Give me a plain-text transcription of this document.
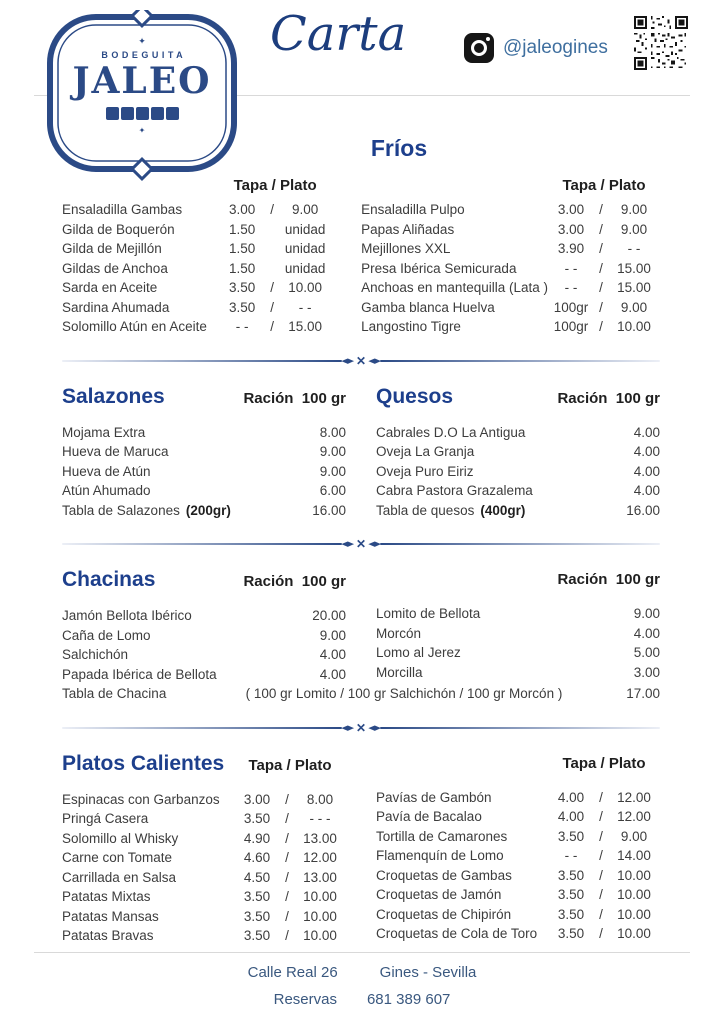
✦
BODEGUITA
JALEO
✦
Carta	@jaleogines
Fríos
Tapa / Plato
Ensaladilla Gambas	3.00	/	9.00
Gilda de Boquerón	1.50	unidad
Gilda de Mejillón	1.50	unidad
Gildas de Anchoa	1.50	unidad
Sarda en Aceite	3.50	/	10.00
Sardina Ahumada	3.50	/	- -
Solomillo Atún en Aceite	- -	/	15.00
Tapa / Plato
Ensaladilla Pulpo	3.00	/	9.00
Papas Aliñadas	3.00	/	9.00
Mejillones XXL	3.90	/	- -
Presa Ibérica Semicurada	- -	/	15.00
Anchoas en mantequilla (Lata )	- -	/	15.00
Gamba blanca Huelva	100gr /	9.00
Langostino Tigre	100gr /	10.00
◆ ✕ ◆
Salazones	Ración  100 gr
Mojama Extra	8.00
Hueva de Maruca	9.00
Hueva de Atún	9.00
Atún Ahumado	6.00
Tabla de Salazones (200gr)	16.00
Quesos	Ración  100 gr
Cabrales D.O La Antigua	4.00
Oveja La Granja	4.00
Oveja Puro Eiriz	4.00
Cabra Pastora Grazalema	4.00
Tabla de quesos (400gr)	16.00
◆ ✕ ◆
Chacinas	Ración  100 gr
Jamón Bellota Ibérico	20.00
Caña de Lomo	9.00
Salchichón	4.00
Papada Ibérica de Bellota	4.00
Ración  100 gr
Lomito de Bellota	9.00
Morcón	4.00
Lomo al Jerez	5.00
Morcilla	3.00
Tabla de Chacina	( 100 gr Lomito / 100 gr Salchichón / 100 gr Morcón )	17.00
◆ ✕ ◆
Platos Calientes	Tapa / Plato
Espinacas con Garbanzos	3.00	/	8.00
Pringá Casera	3.50	/	- - -
Solomillo al Whisky	4.90	/	13.00
Carne con Tomate	4.60	/	12.00
Carrillada en Salsa	4.50	/	13.00
Patatas Mixtas	3.50	/	10.00
Patatas Mansas	3.50	/	10.00
Patatas Bravas	3.50	/	10.00
Tapa / Plato
Pavías de Gambón	4.00	/	12.00
Pavía de Bacalao	4.00	/	12.00
Tortilla de Camarones	3.50	/	9.00
Flamenquín de Lomo	- -	/	14.00
Croquetas de Gambas	3.50	/	10.00
Croquetas de Jamón	3.50	/	10.00
Croquetas de Chipirón	3.50	/	10.00
Croquetas de Cola de Toro	3.50	/	10.00
Calle Real 26	Gines - Sevilla
Reservas 681 389 607
